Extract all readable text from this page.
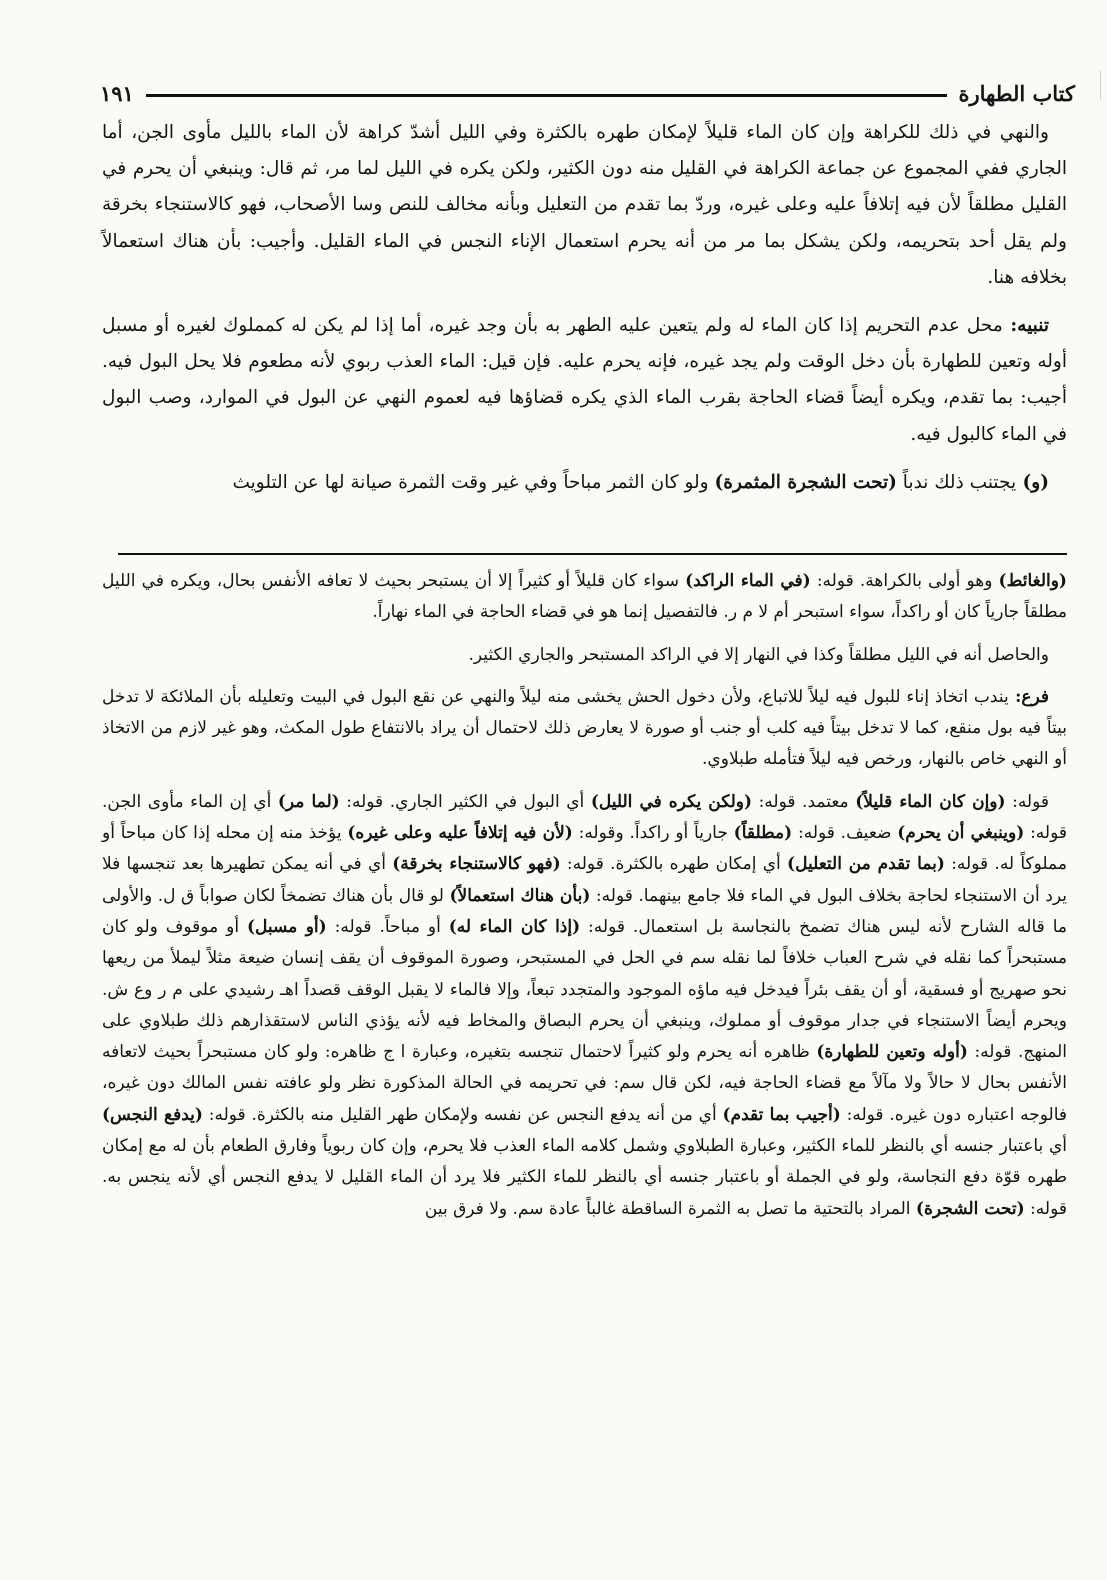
كتاب الطهارة
١٩١

والنهي في ذلك للكراهة وإن كان الماء قليلاً لإمكان طهره بالكثرة وفي الليل أشدّ كراهة لأن الماء بالليل مأوى الجن، أما الجاري ففي المجموع عن جماعة الكراهة في القليل منه دون الكثير، ولكن يكره في الليل لما مر، ثم قال: وينبغي أن يحرم في القليل مطلقاً لأن فيه إتلافاً عليه وعلى غيره، وردّ بما تقدم من التعليل وبأنه مخالف للنص وسا الأصحاب، فهو كالاستنجاء بخرقة ولم يقل أحد بتحريمه، ولكن يشكل بما مر من أنه يحرم استعمال الإناء النجس في الماء القليل. وأجيب: بأن هناك استعمالاً بخلافه هنا.

تنبيه: محل عدم التحريم إذا كان الماء له ولم يتعين عليه الطهر به بأن وجد غيره، أما إذا لم يكن له كمملوك لغيره أو مسبل أوله وتعين للطهارة بأن دخل الوقت ولم يجد غيره، فإنه يحرم عليه. فإن قيل: الماء العذب ربوي لأنه مطعوم فلا يحل البول فيه. أجيب: بما تقدم، ويكره أيضاً قضاء الحاجة بقرب الماء الذي يكره قضاؤها فيه لعموم النهي عن البول في الموارد، وصب البول في الماء كالبول فيه.

(و) يجتنب ذلك ندباً (تحت الشجرة المثمرة) ولو كان الثمر مباحاً وفي غير وقت الثمرة صيانة لها عن التلويث

(والغائط) وهو أولى بالكراهة. قوله: (في الماء الراكد) سواء كان قليلاً أو كثيراً إلا أن يستبحر بحيث لا تعافه الأنفس بحال، ويكره في الليل مطلقاً جارياً كان أو راكداً، سواء استبحر أم لا م ر. فالتفصيل إنما هو في قضاء الحاجة في الماء نهاراً.

والحاصل أنه في الليل مطلقاً وكذا في النهار إلا في الراكد المستبحر والجاري الكثير.

فرع: يندب اتخاذ إناء للبول فيه ليلاً للاتباع، ولأن دخول الحش يخشى منه ليلاً والنهي عن نقع البول في البيت وتعليله بأن الملائكة لا تدخل بيتاً فيه بول منقع، كما لا تدخل بيتاً فيه كلب أو جنب أو صورة لا يعارض ذلك لاحتمال أن يراد بالانتفاع طول المكث، وهو غير لازم من الاتخاذ أو النهي خاص بالنهار، ورخص فيه ليلاً فتأمله طبلاوي.

قوله: (وإن كان الماء قليلاً) معتمد. قوله: (ولكن يكره في الليل) أي البول في الكثير الجاري. قوله: (لما مر) أي إن الماء مأوى الجن. قوله: (وينبغي أن يحرم) ضعيف. قوله: (مطلقاً) جارياً أو راكداً. وقوله: (لأن فيه إتلافاً عليه وعلى غيره) يؤخذ منه إن محله إذا كان مباحاً أو مملوكاً له. قوله: (بما تقدم من التعليل) أي إمكان طهره بالكثرة. قوله: (فهو كالاستنجاء بخرقة) أي في أنه يمكن تطهيرها بعد تنجسها فلا يرد أن الاستنجاء لحاجة بخلاف البول في الماء فلا جامع بينهما. قوله: (بأن هناك استعمالاً) لو قال بأن هناك تضمخاً لكان صواباً ق ل. والأولى ما قاله الشارح لأنه ليس هناك تضمخ بالنجاسة بل استعمال. قوله: (إذا كان الماء له) أو مباحاً. قوله: (أو مسبل) أو موقوف ولو كان مستبحراً كما نقله في شرح العباب خلافاً لما نقله سم في الحل في المستبحر، وصورة الموقوف أن يقف إنسان ضيعة مثلاً ليملأ من ريعها نحو صهريج أو فسقية، أو أن يقف بئراً فيدخل فيه ماؤه الموجود والمتجدد تبعاً، وإلا فالماء لا يقبل الوقف قصداً اهـ رشيدي على م ر وع ش. ويحرم أيضاً الاستنجاء في جدار موقوف أو مملوك، وينبغي أن يحرم البصاق والمخاط فيه لأنه يؤذي الناس لاستقذارهم ذلك طبلاوي على المنهج. قوله: (أوله وتعين للطهارة) ظاهره أنه يحرم ولو كثيراً لاحتمال تنجسه بتغيره، وعبارة ا ج ظاهره: ولو كان مستبحراً بحيث لاتعافه الأنفس بحال لا حالاً ولا مآلاً مع قضاء الحاجة فيه، لكن قال سم: في تحريمه في الحالة المذكورة نظر ولو عافته نفس المالك دون غيره، فالوجه اعتباره دون غيره. قوله: (أجيب بما تقدم) أي من أنه يدفع النجس عن نفسه ولإمكان طهر القليل منه بالكثرة. قوله: (يدفع النجس) أي باعتبار جنسه أي بالنظر للماء الكثير، وعبارة الطبلاوي وشمل كلامه الماء العذب فلا يحرم، وإن كان ربوياً وفارق الطعام بأن له مع إمكان طهره قوّة دفع النجاسة، ولو في الجملة أو باعتبار جنسه أي بالنظر للماء الكثير فلا يرد أن الماء القليل لا يدفع النجس أي لأنه ينجس به. قوله: (تحت الشجرة) المراد بالتحتية ما تصل به الثمرة الساقطة غالباً عادة سم. ولا فرق بين
